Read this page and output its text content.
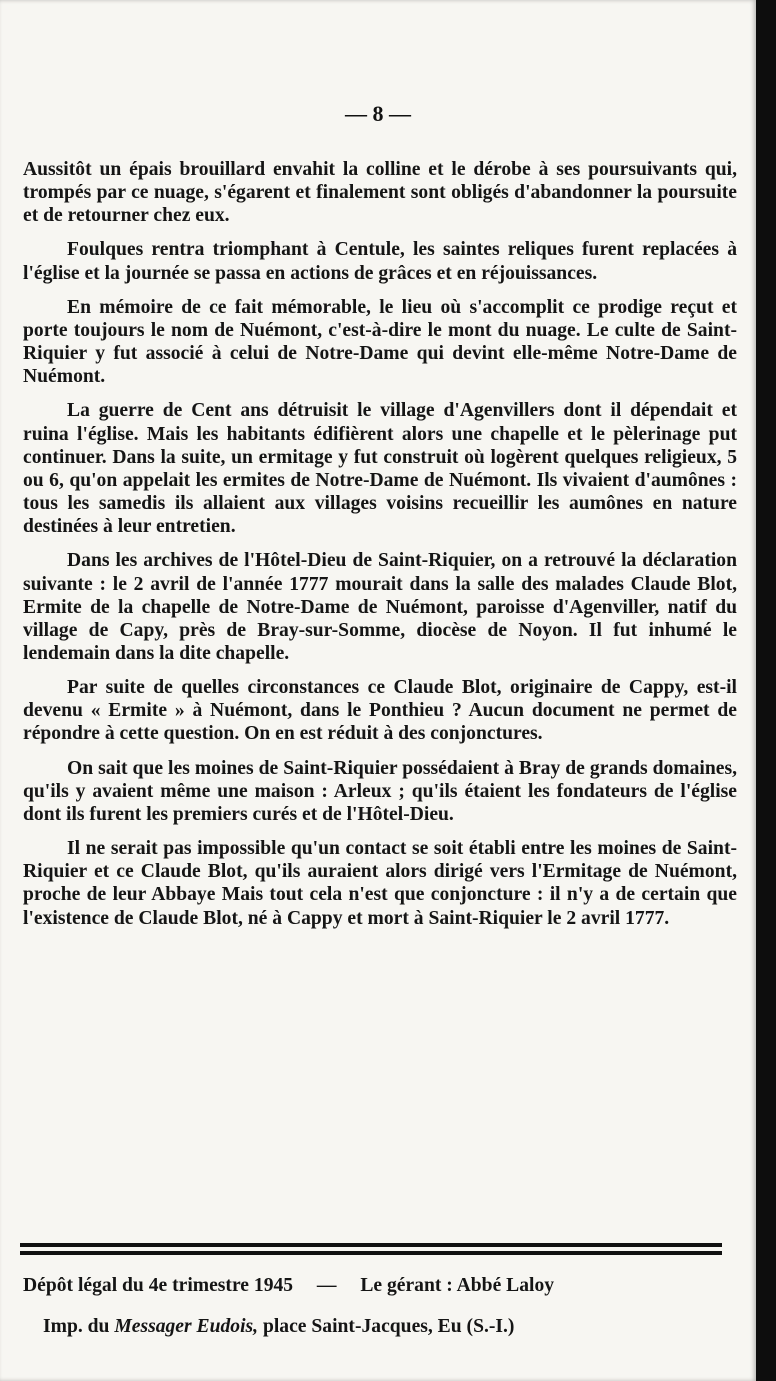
— 8 —

Aussitôt un épais brouillard envahit la colline et le dérobe à ses poursuivants qui, trompés par ce nuage, s'égarent et finalement sont obligés d'abandonner la poursuite et de retourner chez eux.

Foulques rentra triomphant à Centule, les saintes reliques furent replacées à l'église et la journée se passa en actions de grâces et en réjouissances.

En mémoire de ce fait mémorable, le lieu où s'accomplit ce prodige reçut et porte toujours le nom de Nuémont, c'est-à-dire le mont du nuage. Le culte de Saint-Riquier y fut associé à celui de Notre-Dame qui devint elle-même Notre-Dame de Nuémont.

La guerre de Cent ans détruisit le village d'Agenvillers dont il dépendait et ruina l'église. Mais les habitants édifièrent alors une chapelle et le pèlerinage put continuer. Dans la suite, un ermitage y fut construit où logèrent quelques religieux, 5 ou 6, qu'on appelait les ermites de Notre-Dame de Nuémont. Ils vivaient d'aumônes : tous les samedis ils allaient aux villages voisins recueillir les aumônes en nature destinées à leur entretien.

Dans les archives de l'Hôtel-Dieu de Saint-Riquier, on a retrouvé la déclaration suivante : le 2 avril de l'année 1777 mourait dans la salle des malades Claude Blot, Ermite de la chapelle de Notre-Dame de Nuémont, paroisse d'Agenviller, natif du village de Capy, près de Bray-sur-Somme, diocèse de Noyon. Il fut inhumé le lendemain dans la dite chapelle.

Par suite de quelles circonstances ce Claude Blot, originaire de Cappy, est-il devenu « Ermite » à Nuémont, dans le Ponthieu ? Aucun document ne permet de répondre à cette question. On en est réduit à des conjonctures.

On sait que les moines de Saint-Riquier possédaient à Bray de grands domaines, qu'ils y avaient même une maison : Arleux ; qu'ils étaient les fondateurs de l'église dont ils furent les premiers curés et de l'Hôtel-Dieu.

Il ne serait pas impossible qu'un contact se soit établi entre les moines de Saint-Riquier et ce Claude Blot, qu'ils auraient alors dirigé vers l'Ermitage de Nuémont, proche de leur Abbaye Mais tout cela n'est que conjoncture : il n'y a de certain que l'existence de Claude Blot, né à Cappy et mort à Saint-Riquier le 2 avril 1777.

Dépôt légal du 4e trimestre 1945 — Le gérant : Abbé Laloy
Imp. du Messager Eudois, place Saint-Jacques, Eu (S.-I.)
